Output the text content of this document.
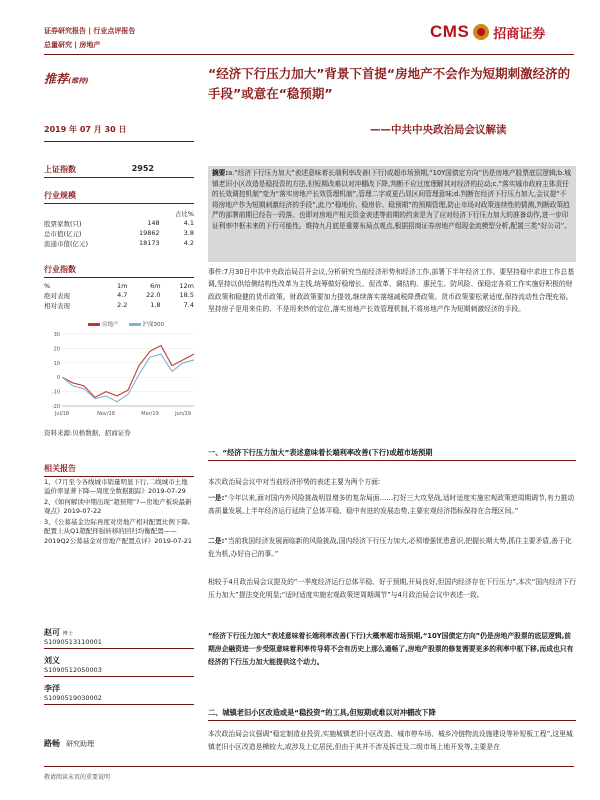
证券研究报告 | 行业点评报告
总量研究 | 房地产
CMS 招商证券
推荐(维持)	“经济下行压力加大”背景下首提“房地产不会作为短期刺激经济的手段”或意在“稳预期”
——中共中央政治局会议解读
2019 年 07 月 30 日
上证指数	2952
行业规模
		占比%
股票家数(只)	148	4.1
总市值(亿元)	19862	3.8
流通市值(亿元)	18173	4.2
行业指数
%	1m	6m	12m
绝对表现	4.7	22.0	18.5
相对表现	2.2	1.8	7.4
房地产	沪深300
-20
-10
0
10
20
30
Jul/18	Nov/18	Mar/19	Jun/19
资料来源:贝格数据、招商证券
相关报告

1、《7月至今各线城市销量明显下行,二线城市土地溢价率显著下降—周度全数据跟踪》2019-07-29

2、《如何解读中期出现“超预期”?—房地产板块最新观点》2019-07-22

3、《公募基金边际再度对房地产相对配置比例下降,配置上从Q1超配择强转移的回归均衡配置——2019Q2公募基金对房地产配置点评》2019-07-21

赵可 博士
S1090513110001
刘义
S1090512050003
李洋
S1090519030002
路畅 研究助理
摘要:a.“经济下行压力加大”表述意味着长端利率改善(下行)或超市场预期,“10Y国债定方向”仍是房地产股票底层逻辑;b.城镇老旧小区改造是稳投资的方法,但短期改难以对冲棚改下降,判断不应过度理解其对经济的拉动;c.“落实城市政府主体责任的长效调控机制”变为“落实房地产长效管理机制”,管理二字或更凸显区间管理意味;d.判断在经济下行压力加大,会议提“不将房地产作为短期刺激经济的手段”,此乃“稳地价、稳房价、稳预期”的预期管理,防止市场对政策连续性的猜测,判断政策趋严的部署前期已经告一段落。也即对房地产相关资金表述等前期的约束是为了应对经济下行压力加大的准备动作,进一步印证利率中枢未来的下行可能性。维持九月底是重要布局点观点,根据招商证券房地产组现金流模型分析,配置三类“好公司”。
事件:7月30日中共中央政治局召开会议,分析研究当前经济形势和经济工作,部署下半年经济工作。要坚持稳中求进工作总基调,坚持以供给侧结构性改革为主线,统筹做好稳增长、促改革、调结构、惠民生、防风险、保稳定各项工作实施好积极的财政政策和稳健的货币政策。财政政策要加力提效,继续落实落细减税降费政策。货币政策要松紧适度,保持流动性合理充裕。坚持房子是用来住的、不是用来炒的定位,落实房地产长效管理机制,不将房地产作为短期刺激经济的手段。
一、“经济下行压力加大”表述意味着长端利率改善(下行)或超市场预期
本次政治局会议中对当前经济形势的表述主要为两个方面:
一是:“今年以来,面对国内外风险挑战明显增多的复杂局面……打好三大攻坚战,适时适度实施宏观政策逆周期调节,有力推动高质量发展,上半年经济运行延续了总体平稳、稳中有进的发展态势,主要宏观经济指标保持在合理区间。”
二是:“当前我国经济发展面临新的风险挑战,国内经济下行压力加大,必须增强忧患意识,把握长期大势,抓住主要矛盾,善于化危为机,办好自己的事。”
相较于4月政治局会议提及的“一季度经济运行总体平稳、好于预期,开局良好,但国内经济存在下行压力”,本次“国内经济下行压力加大”提法变化明显;“适时适度实施宏观政策逆周期调节”与4月政治局会议中表述一致。
“经济下行压力加大”表述意味着长端利率改善(下行)大概率超市场预期,“10Y国债定方向”仍是房地产股票的底层逻辑,前期房企融资进一步受限意味着利率传导将不会有历史上那么通畅了,房地产股票的修复需要更多的利率中枢下移,而成也只有经济的下行压力加大能提供这个动力。
二、城镇老旧小区改造或是“稳投资”的工具,但短期或难以对冲棚改下降
本次政治局会议强调“稳定制造业投资,实施城镇老旧小区改造、城市停车场、城乡冷链物流设施建设等补短板工程”,这里城镇老旧小区改造是模较大,或涉及上亿居民,但由于其并不涉及拆迁及二级市场上地开发等,主要是在
敬请阅读末页的重要说明
